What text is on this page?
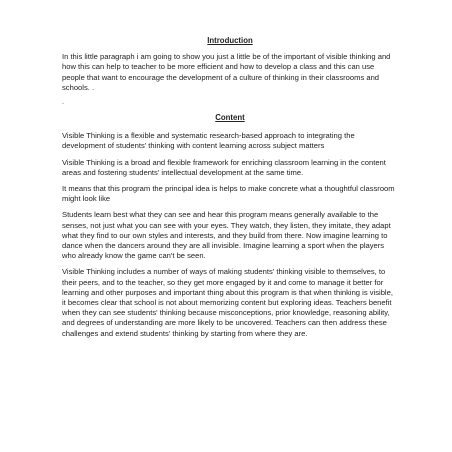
Introduction

In this little paragraph i am going to show you just a little be of the important of visible thinking and how this can help to teacher to be more efficient and how to develop a class and this can use people that want to encourage the development of a culture of thinking in their classrooms and schools. .

.
Content

Visible Thinking is a flexible and systematic research-based approach to integrating the development of students' thinking with content learning across subject matters

Visible Thinking is a broad and flexible framework for enriching classroom learning in the content areas and fostering students' intellectual development at the same time.

It means that this program the principal idea is helps to make concrete what a thoughtful classroom might look like

Students learn best what they can see and hear this program means generally available to the senses, not just what you can see with your eyes. They watch, they listen, they imitate, they adapt what they find to our own styles and interests, and they build from there. Now imagine learning to dance when the dancers around they are all invisible. Imagine learning a sport when the players who already know the game can't be seen.

Visible Thinking includes a number of ways of making students' thinking visible to themselves, to their peers, and to the teacher, so they get more engaged by it and come to manage it better for learning and other purposes and important thing about this program is that when thinking is visible, it becomes clear that school is not about memorizing content but exploring ideas. Teachers benefit when they can see students' thinking because misconceptions, prior knowledge, reasoning ability, and degrees of understanding are more likely to be uncovered. Teachers can then address these challenges and extend students' thinking by starting from where they are.
